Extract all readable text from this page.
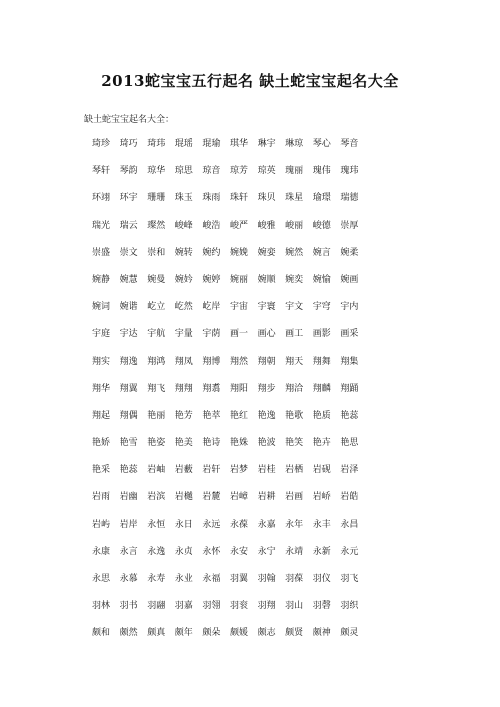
2013蛇宝宝五行起名 缺土蛇宝宝起名大全
缺土蛇宝宝起名大全：
琦珍	琦巧	琦玮	琨瑶	琨瑜	琪华	琳宇	琳琼	琴心	琴音
琴轩	琴韵	琼华	琼思	琼音	琼芳	琼英	瑰丽	瑰伟	瑰玮
环翊	环宇	珊珊	珠玉	珠雨	珠轩	珠贝	珠星	瑜璟	瑞德
瑞光	瑞云	璨然	峻峰	峻浩	峻严	峻雅	峻丽	峻德	崇厚
崇盛	崇文	崇和	婉转	婉约	婉娩	婉娈	婉然	婉言	婉柔
婉静	婉慧	婉曼	婉妗	婉婷	婉丽	婉顺	婉奕	婉愉	婉画
婉词	婉谐	屹立	屹然	屹岸	宇宙	宇寰	宇文	宇穹	宇内
宇庭	宇达	宇航	宇量	宇荫	画一	画心	画工	画影	画采
翔实	翔逸	翔鸿	翔凤	翔博	翔然	翔朝	翔天	翔舞	翔集
翔华	翔翼	翔飞	翔翔	翔翥	翔阳	翔步	翔洽	翔麟	翔踊
翔起	翔偶	艳丽	艳芳	艳萃	艳红	艳逸	艳歌	艳质	艳蕊
艳娇	艳雪	艳姿	艳美	艳诗	艳姝	艳波	艳笑	艳卉	艳思
艳采	艳蕊	岩岫	岩藪	岩轩	岩梦	岩桂	岩栖	岩砚	岩泽
岩雨	岩幽	岩滨	岩樾	岩麓	岩嶂	岩耕	岩画	岩峤	岩皓
岩屿	岩岸	永恒	永日	永远	永葆	永嘉	永年	永丰	永昌
永康	永言	永逸	永贞	永怀	永安	永宁	永靖	永新	永元
永思	永慕	永寿	永业	永福	羽翼	羽翰	羽葆	羽仪	羽飞
羽林	羽书	羽翮	羽嘉	羽翎	羽衮	羽翔	羽山	羽磬	羽织
颇和	颇然	颇真	颇年	颇朵	颇媛	颇志	颇贤	颇神	颇灵
